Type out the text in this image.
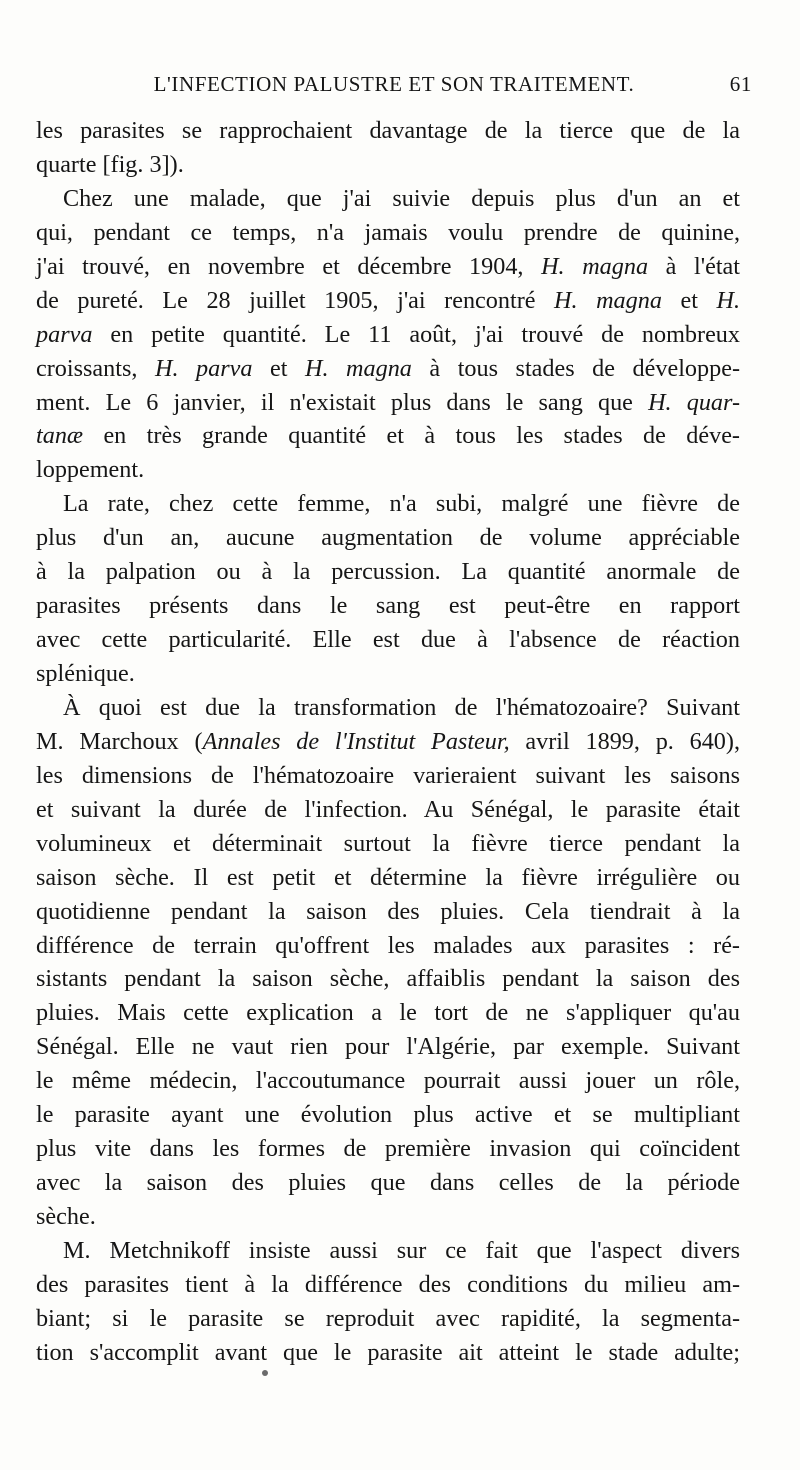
L'INFECTION PALUSTRE ET SON TRAITEMENT.	61
les parasites se rapprochaient davantage de la tierce que de la
quarte [fig. 3]).
Chez une malade, que j'ai suivie depuis plus d'un an et
qui, pendant ce temps, n'a jamais voulu prendre de quinine,
j'ai trouvé, en novembre et décembre 1904, H. magna à l'état
de pureté. Le 28 juillet 1905, j'ai rencontré H. magna et H.
parva en petite quantité. Le 11 août, j'ai trouvé de nombreux
croissants, H. parva et H. magna à tous stades de développe-
ment. Le 6 janvier, il n'existait plus dans le sang que H. quar-
tanæ en très grande quantité et à tous les stades de déve-
loppement.
La rate, chez cette femme, n'a subi, malgré une fièvre de
plus d'un an, aucune augmentation de volume appréciable
à la palpation ou à la percussion. La quantité anormale de
parasites présents dans le sang est peut-être en rapport
avec cette particularité. Elle est due à l'absence de réaction
splénique.
À quoi est due la transformation de l'hématozoaire? Suivant
M. Marchoux (Annales de l'Institut Pasteur, avril 1899, p. 640),
les dimensions de l'hématozoaire varieraient suivant les saisons
et suivant la durée de l'infection. Au Sénégal, le parasite était
volumineux et déterminait surtout la fièvre tierce pendant la
saison sèche. Il est petit et détermine la fièvre irrégulière ou
quotidienne pendant la saison des pluies. Cela tiendrait à la
différence de terrain qu'offrent les malades aux parasites : ré-
sistants pendant la saison sèche, affaiblis pendant la saison des
pluies. Mais cette explication a le tort de ne s'appliquer qu'au
Sénégal. Elle ne vaut rien pour l'Algérie, par exemple. Suivant
le même médecin, l'accoutumance pourrait aussi jouer un rôle,
le parasite ayant une évolution plus active et se multipliant
plus vite dans les formes de première invasion qui coïncident
avec la saison des pluies que dans celles de la période
sèche.
M. Metchnikoff insiste aussi sur ce fait que l'aspect divers
des parasites tient à la différence des conditions du milieu am-
biant; si le parasite se reproduit avec rapidité, la segmenta-
tion s'accomplit avant que le parasite ait atteint le stade adulte;
